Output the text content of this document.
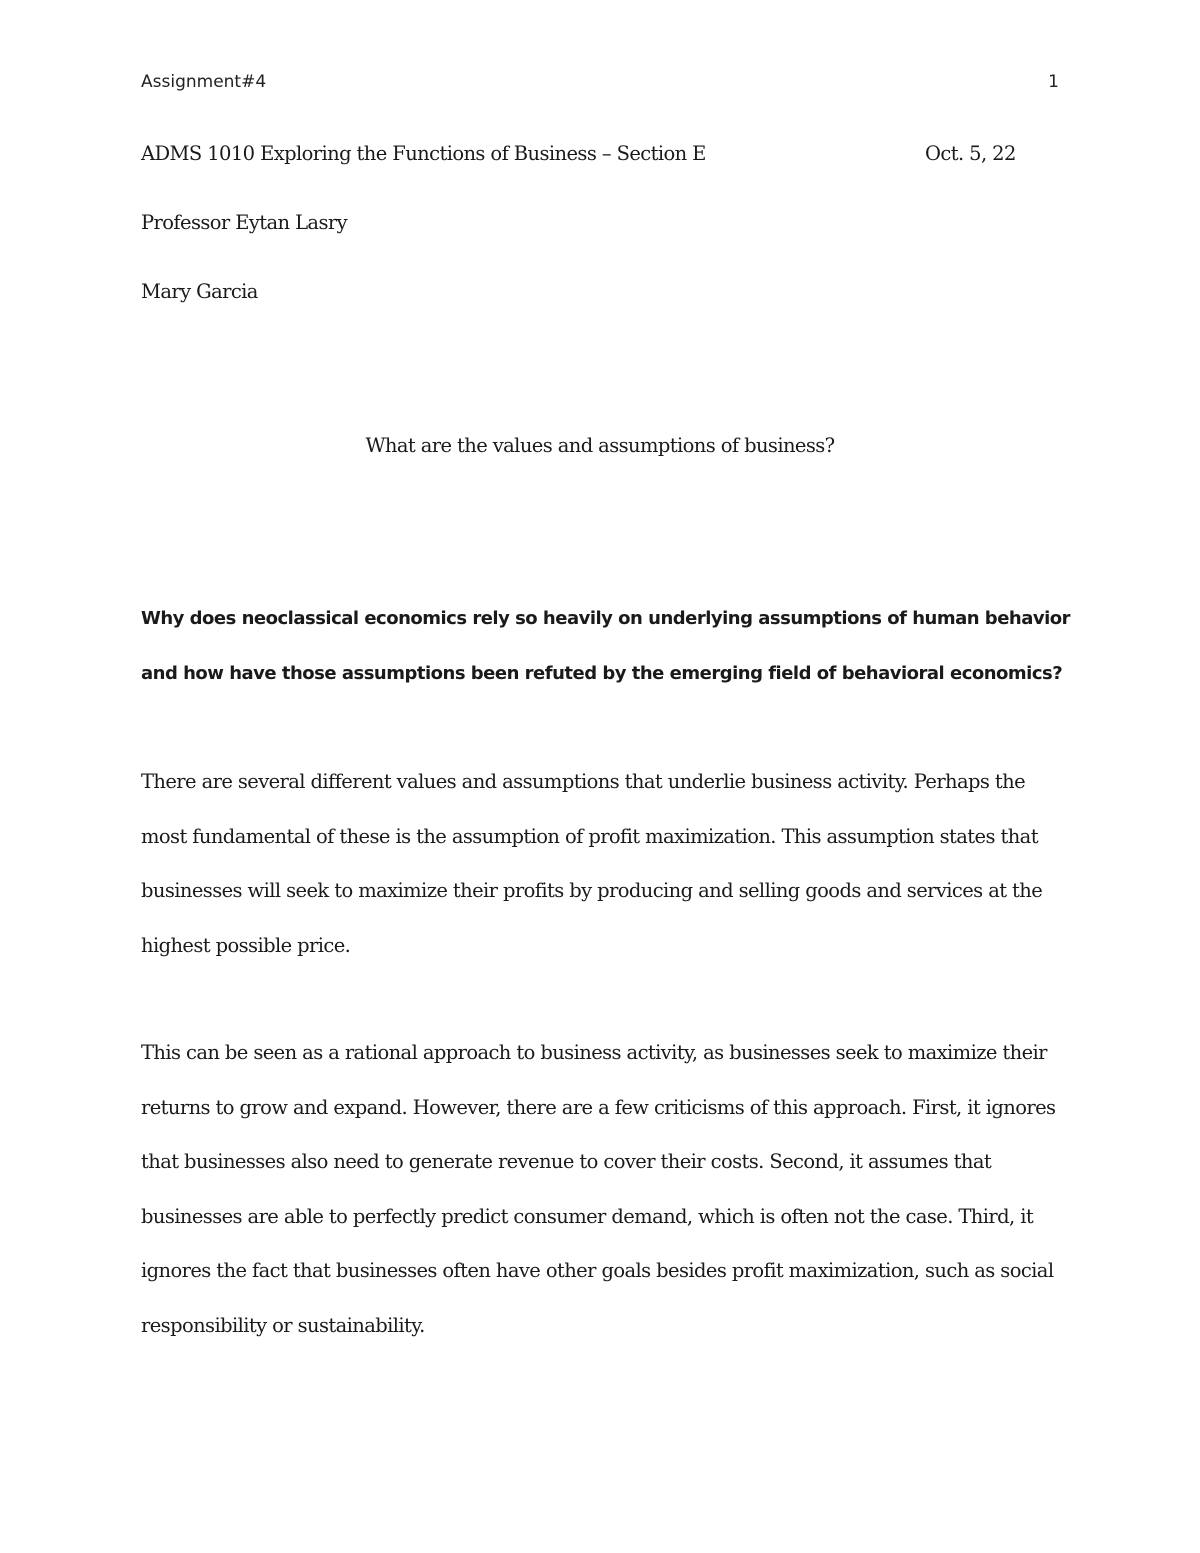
Assignment#4	1
ADMS 1010 Exploring the Functions of Business – Section E	Oct. 5, 22
Professor Eytan Lasry
Mary Garcia
What are the values and assumptions of business?
Why does neoclassical economics rely so heavily on underlying assumptions of human behavior and how have those assumptions been refuted by the emerging field of behavioral economics?
There are several different values and assumptions that underlie business activity. Perhaps the most fundamental of these is the assumption of profit maximization. This assumption states that businesses will seek to maximize their profits by producing and selling goods and services at the highest possible price.
This can be seen as a rational approach to business activity, as businesses seek to maximize their returns to grow and expand. However, there are a few criticisms of this approach. First, it ignores that businesses also need to generate revenue to cover their costs. Second, it assumes that businesses are able to perfectly predict consumer demand, which is often not the case. Third, it ignores the fact that businesses often have other goals besides profit maximization, such as social responsibility or sustainability.
